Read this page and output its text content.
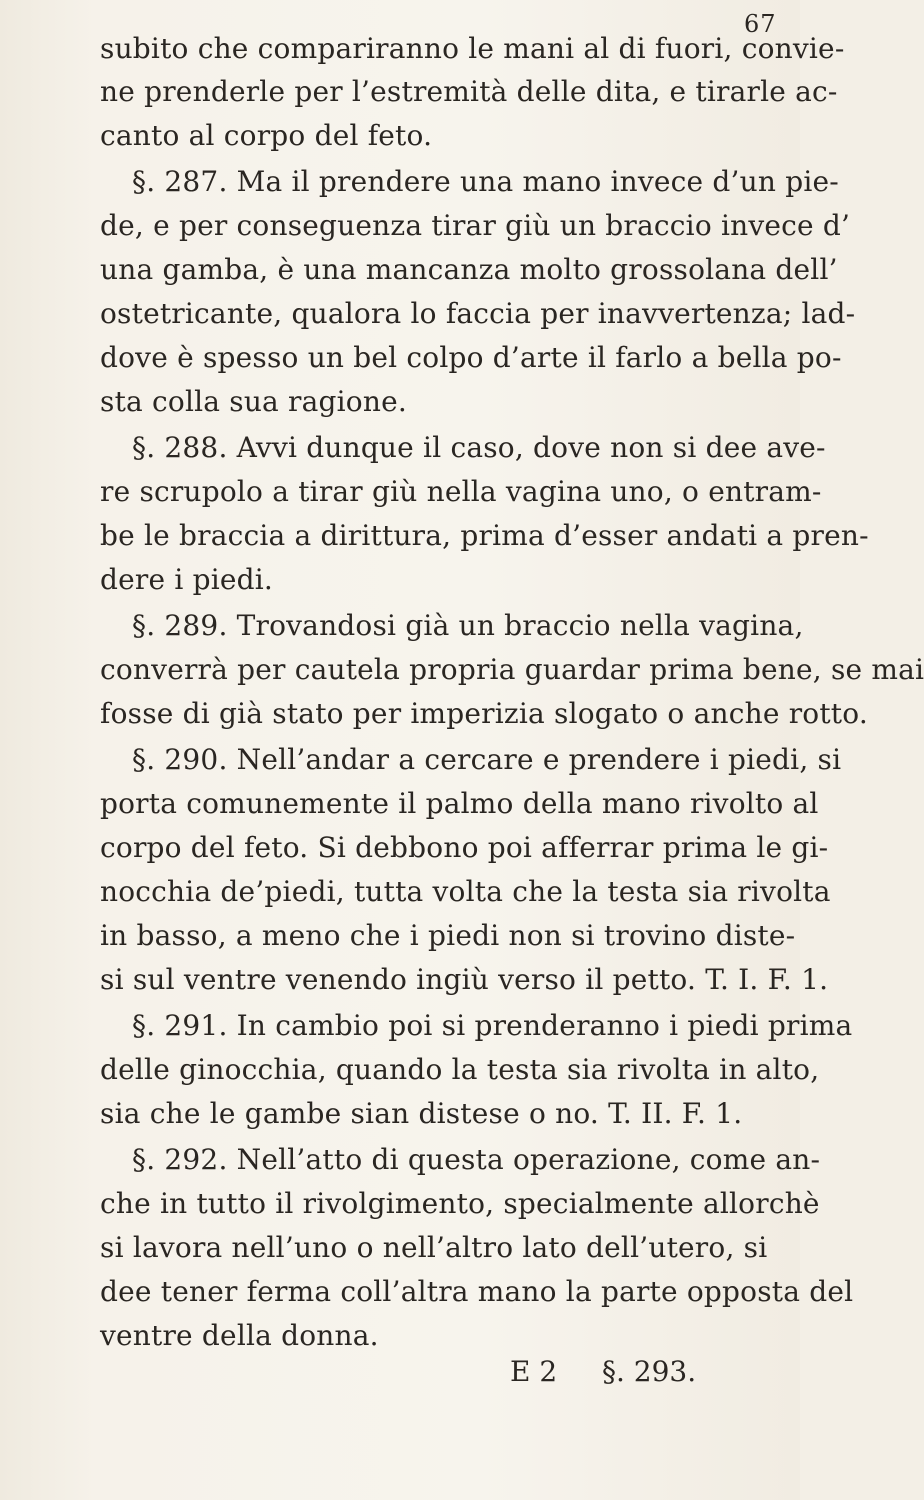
67
subito che compariranno le mani al di fuori, convie-
ne prenderle per l’estremità delle dita, e tirarle ac-
canto al corpo del feto.
§. 287. Ma il prendere una mano invece d’un pie-
de, e per conseguenza tirar giù un braccio invece d’
una gamba, è una mancanza molto grossolana dell’
ostetricante, qualora lo faccia per inavvertenza; lad-
dove è spesso un bel colpo d’arte il farlo a bella po-
sta colla sua ragione.
§. 288. Avvi dunque il caso, dove non si dee ave-
re scrupolo a tirar giù nella vagina uno, o entram-
be le braccia a dirittura, prima d’esser andati a pren-
dere i piedi.
§. 289. Trovandosi già un braccio nella vagina,
converrà per cautela propria guardar prima bene, se mai
fosse di già stato per imperizia slogato o anche rotto.
§. 290. Nell’andar a cercare e prendere i piedi, si
porta comunemente il palmo della mano rivolto al
corpo del feto. Si debbono poi afferrar prima le gi-
nocchia de’piedi, tutta volta che la testa sia rivolta
in basso, a meno che i piedi non si trovino diste-
si sul ventre venendo ingiù verso il petto. T. I. F. 1.
§. 291. In cambio poi si prenderanno i piedi prima
delle ginocchia, quando la testa sia rivolta in alto,
sia che le gambe sian distese o no. T. II. F. 1.
§. 292. Nell’atto di questa operazione, come an-
che in tutto il rivolgimento, specialmente allorchè
si lavora nell’uno o nell’altro lato dell’utero, si
dee tener ferma coll’altra mano la parte opposta del
ventre della donna.
E 2 §. 293.
